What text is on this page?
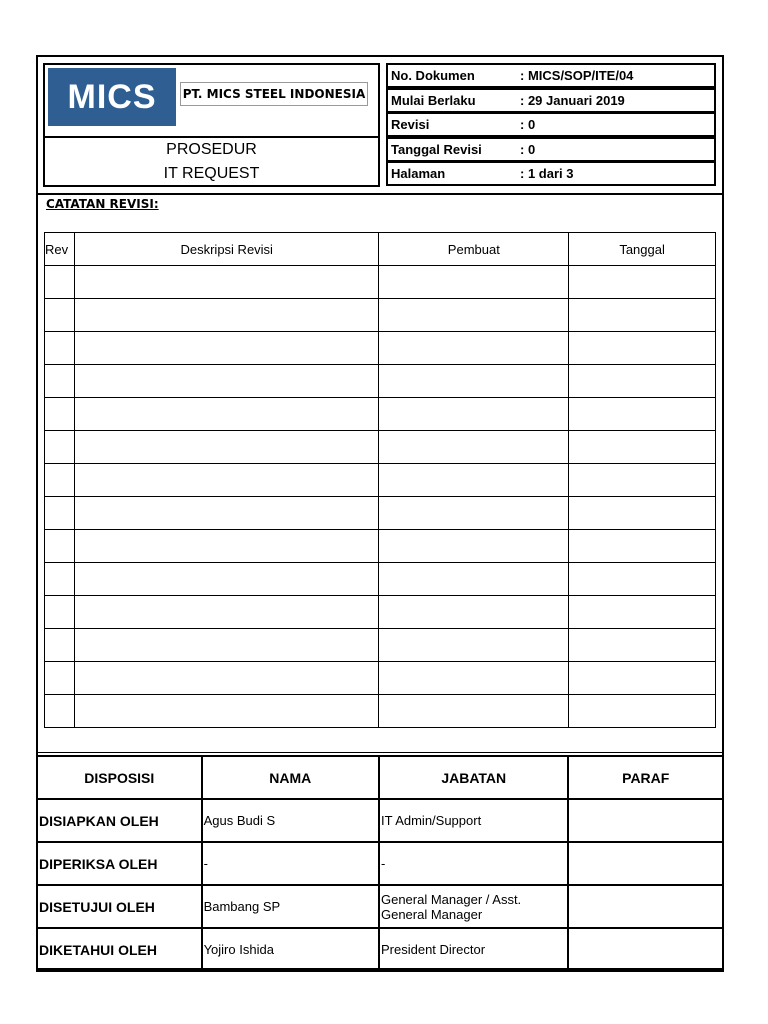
MICS	PT. MICS STEEL INDONESIA
PROSEDUR
IT REQUEST
No. Dokumen	: MICS/SOP/ITE/04
Mulai Berlaku	: 29 Januari 2019
Revisi	: 0
Tanggal Revisi	: 0
Halaman	: 1 dari 3
CATATAN REVISI:
Rev	Deskripsi Revisi	Pembuat	Tanggal

DISPOSISI	NAMA	JABATAN	PARAF
DISIAPKAN OLEH	Agus Budi S	IT Admin/Support	
DIPERIKSA OLEH	-	-	
DISETUJUI OLEH	Bambang SP	General Manager / Asst. General Manager	
DIKETAHUI OLEH	Yojiro Ishida	President Director	
